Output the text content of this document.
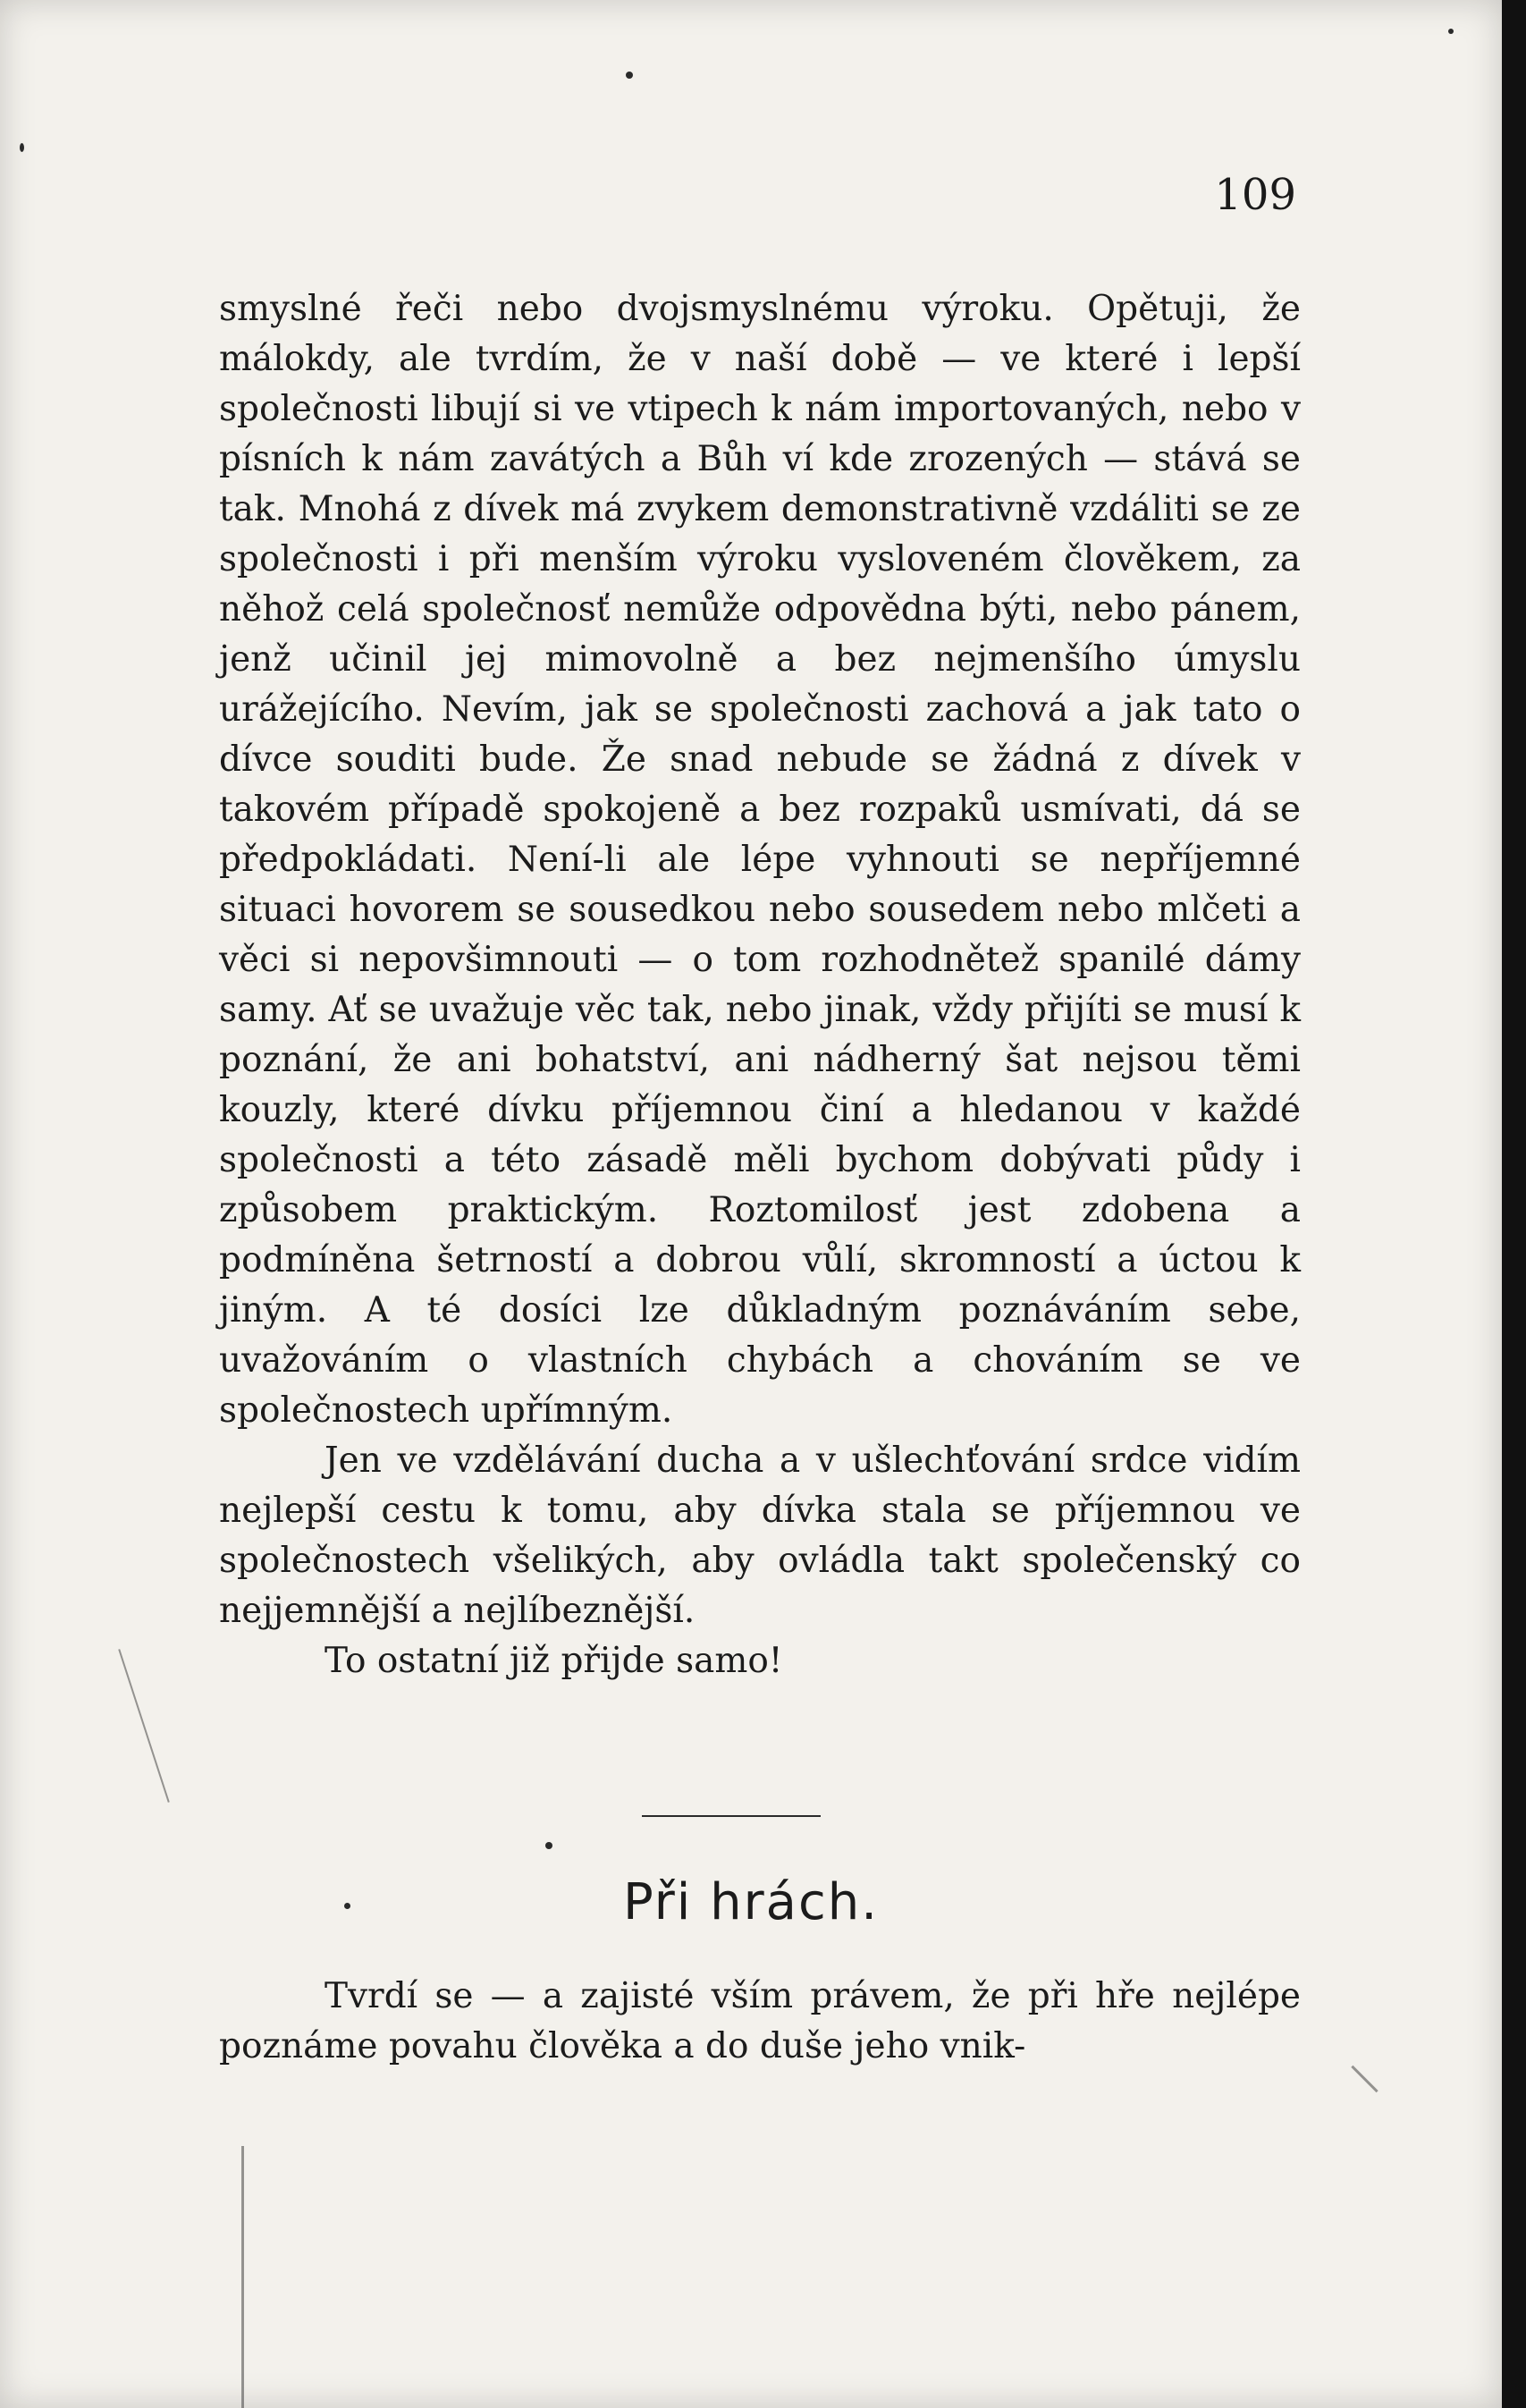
109

smyslné řeči nebo dvojsmyslnému výroku. Opětuji, že málokdy, ale tvrdím, že v naší době — ve které i lepší společnosti libují si ve vtipech k nám importovaných, nebo v písních k nám zavátých a Bůh ví kde zrozených — stává se tak. Mnohá z dívek má zvykem demonstrativně vzdáliti se ze společnosti i při menším výroku vysloveném člověkem, za něhož celá společnosť nemůže odpovědna býti, nebo pánem, jenž učinil jej mimovolně a bez nejmenšího úmyslu urážejícího. Nevím, jak se společnosti zachová a jak tato o dívce souditi bude. Že snad nebude se žádná z dívek v takovém případě spokojeně a bez rozpaků usmívati, dá se předpokládati. Není-li ale lépe vyhnouti se nepříjemné situaci hovorem se sousedkou nebo sousedem nebo mlčeti a věci si nepovšimnouti — o tom rozhodnětež spanilé dámy samy. Ať se uvažuje věc tak, nebo jinak, vždy přijíti se musí k poznání, že ani bohatství, ani nádherný šat nejsou těmi kouzly, které dívku příjemnou činí a hledanou v každé společnosti a této zásadě měli bychom dobývati půdy i způsobem praktickým. Roztomilosť jest zdobena a podmíněna šetrností a dobrou vůlí, skromností a úctou k jiným. A té dosíci lze důkladným poznáváním sebe, uvažováním o vlastních chybách a chováním se ve společnostech upřímným.

Jen ve vzdělávání ducha a v ušlechťování srdce vidím nejlepší cestu k tomu, aby dívka stala se příjemnou ve společnostech všelikých, aby ovládla takt společenský co nejjemnější a nejlíbeznější.

To ostatní již přijde samo!

Při hrách.

Tvrdí se — a zajisté vším právem, že při hře nejlépe poznáme povahu člověka a do duše jeho vnik-
